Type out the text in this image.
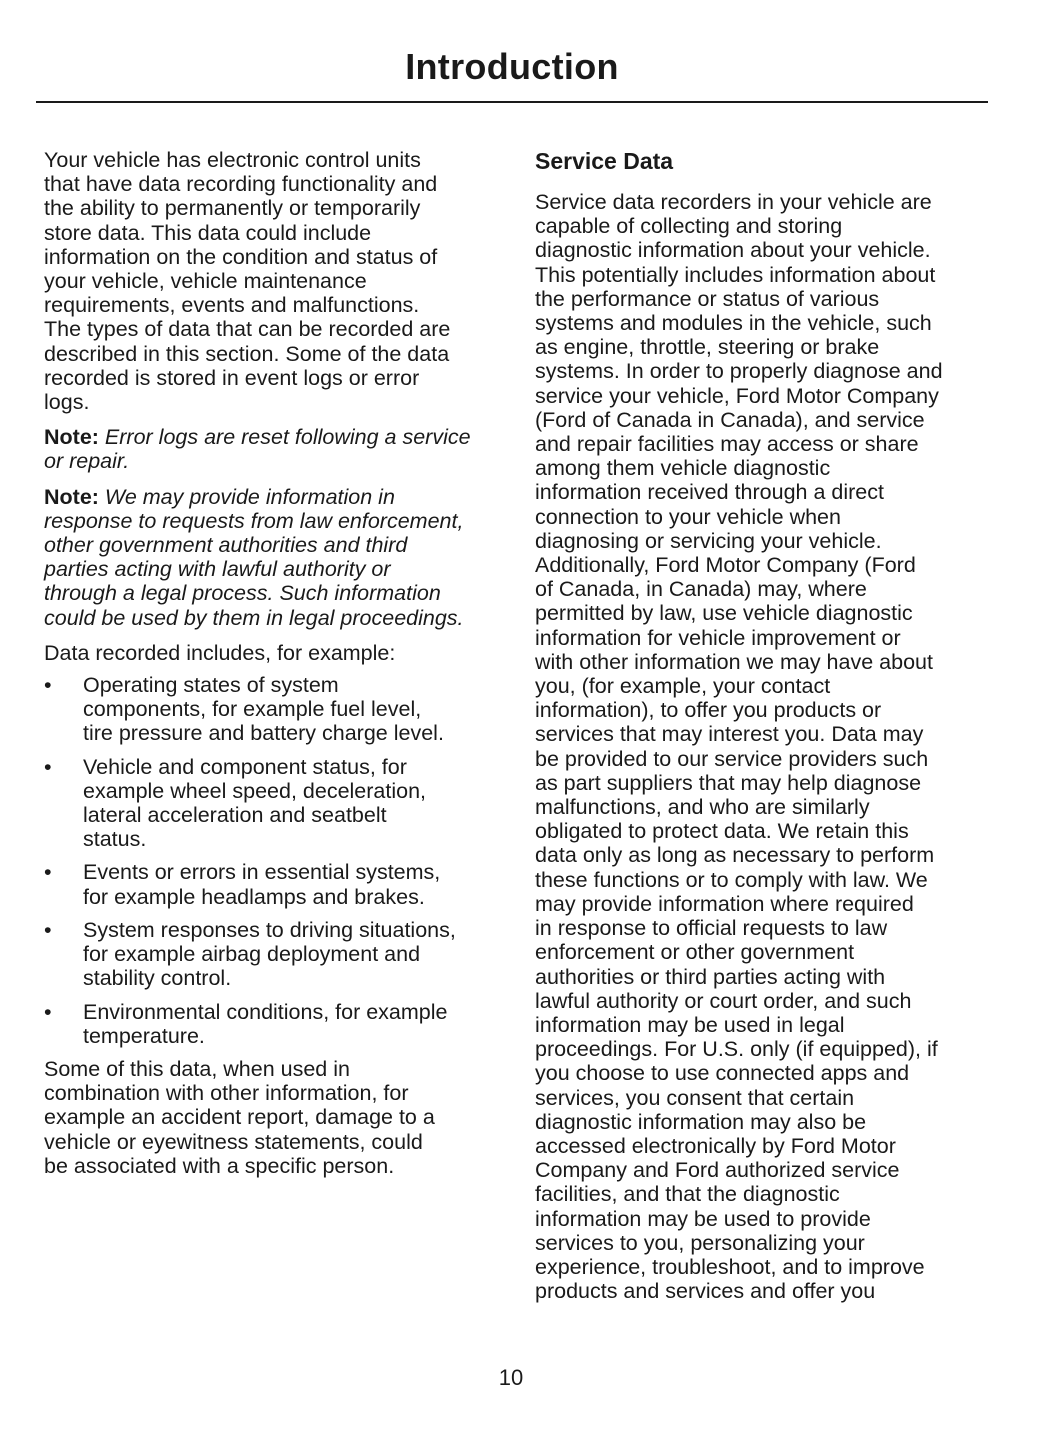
Introduction
Your vehicle has electronic control units
that have data recording functionality and
the ability to permanently or temporarily
store data. This data could include
information on the condition and status of
your vehicle, vehicle maintenance
requirements, events and malfunctions.
The types of data that can be recorded are
described in this section. Some of the data
recorded is stored in event logs or error
logs.
Note: Error logs are reset following a service
or repair.
Note: We may provide information in
response to requests from law enforcement,
other government authorities and third
parties acting with lawful authority or
through a legal process. Such information
could be used by them in legal proceedings.
Data recorded includes, for example:
• Operating states of system
components, for example fuel level,
tire pressure and battery charge level.
• Vehicle and component status, for
example wheel speed, deceleration,
lateral acceleration and seatbelt
status.
• Events or errors in essential systems,
for example headlamps and brakes.
• System responses to driving situations,
for example airbag deployment and
stability control.
• Environmental conditions, for example
temperature.
Some of this data, when used in
combination with other information, for
example an accident report, damage to a
vehicle or eyewitness statements, could
be associated with a specific person.
Service Data
Service data recorders in your vehicle are
capable of collecting and storing
diagnostic information about your vehicle.
This potentially includes information about
the performance or status of various
systems and modules in the vehicle, such
as engine, throttle, steering or brake
systems. In order to properly diagnose and
service your vehicle, Ford Motor Company
(Ford of Canada in Canada), and service
and repair facilities may access or share
among them vehicle diagnostic
information received through a direct
connection to your vehicle when
diagnosing or servicing your vehicle.
Additionally, Ford Motor Company (Ford
of Canada, in Canada) may, where
permitted by law, use vehicle diagnostic
information for vehicle improvement or
with other information we may have about
you, (for example, your contact
information), to offer you products or
services that may interest you. Data may
be provided to our service providers such
as part suppliers that may help diagnose
malfunctions, and who are similarly
obligated to protect data. We retain this
data only as long as necessary to perform
these functions or to comply with law. We
may provide information where required
in response to official requests to law
enforcement or other government
authorities or third parties acting with
lawful authority or court order, and such
information may be used in legal
proceedings. For U.S. only (if equipped), if
you choose to use connected apps and
services, you consent that certain
diagnostic information may also be
accessed electronically by Ford Motor
Company and Ford authorized service
facilities, and that the diagnostic
information may be used to provide
services to you, personalizing your
experience, troubleshoot, and to improve
products and services and offer you
10
